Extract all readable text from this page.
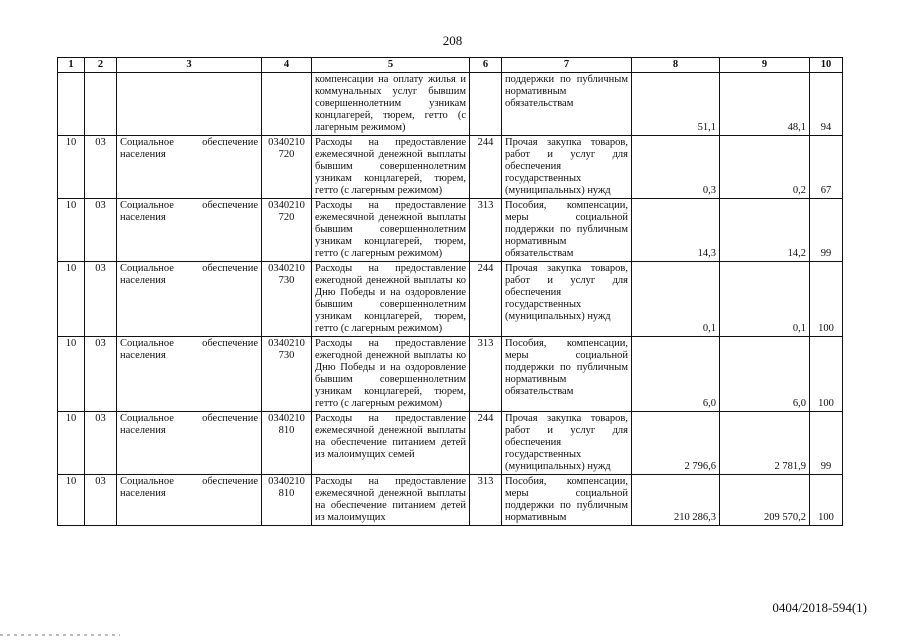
208
1	2	3	4	5	6	7	8	9	10
				компенсации на оплату жилья и коммунальных услуг бывшим совершеннолетним узникам концлагерей, тюрем, гетто (с лагерным режимом)		поддержки по публичным нормативным обязательствам	51,1	48,1	94
10	03	Социальное обеспечение населения	0340210 720	Расходы на предоставление ежемесячной денежной выплаты бывшим совершеннолетним узникам концлагерей, тюрем, гетто (с лагерным режимом)	244	Прочая закупка товаров, работ и услуг для обеспечения государственных (муниципальных) нужд	0,3	0,2	67
10	03	Социальное обеспечение населения	0340210 720	Расходы на предоставление ежемесячной денежной выплаты бывшим совершеннолетним узникам концлагерей, тюрем, гетто (с лагерным режимом)	313	Пособия, компенсации, меры социальной поддержки по публичным нормативным обязательствам	14,3	14,2	99
10	03	Социальное обеспечение населения	0340210 730	Расходы на предоставление ежегодной денежной выплаты ко Дню Победы и на оздоровление бывшим совершеннолетним узникам концлагерей, тюрем, гетто (с лагерным режимом)	244	Прочая закупка товаров, работ и услуг для обеспечения государственных (муниципальных) нужд	0,1	0,1	100
10	03	Социальное обеспечение населения	0340210 730	Расходы на предоставление ежегодной денежной выплаты ко Дню Победы и на оздоровление бывшим совершеннолетним узникам концлагерей, тюрем, гетто (с лагерным режимом)	313	Пособия, компенсации, меры социальной поддержки по публичным нормативным обязательствам	6,0	6,0	100
10	03	Социальное обеспечение населения	0340210 810	Расходы на предоставление ежемесячной денежной выплаты на обеспечение питанием детей из малоимущих семей	244	Прочая закупка товаров, работ и услуг для обеспечения государственных (муниципальных) нужд	2 796,6	2 781,9	99
10	03	Социальное обеспечение населения	0340210 810	Расходы на предоставление ежемесячной денежной выплаты на обеспечение питанием детей из малоимущих	313	Пособия, компенсации, меры социальной поддержки по публичным нормативным	210 286,3	209 570,2	100
0404/2018-594(1)
